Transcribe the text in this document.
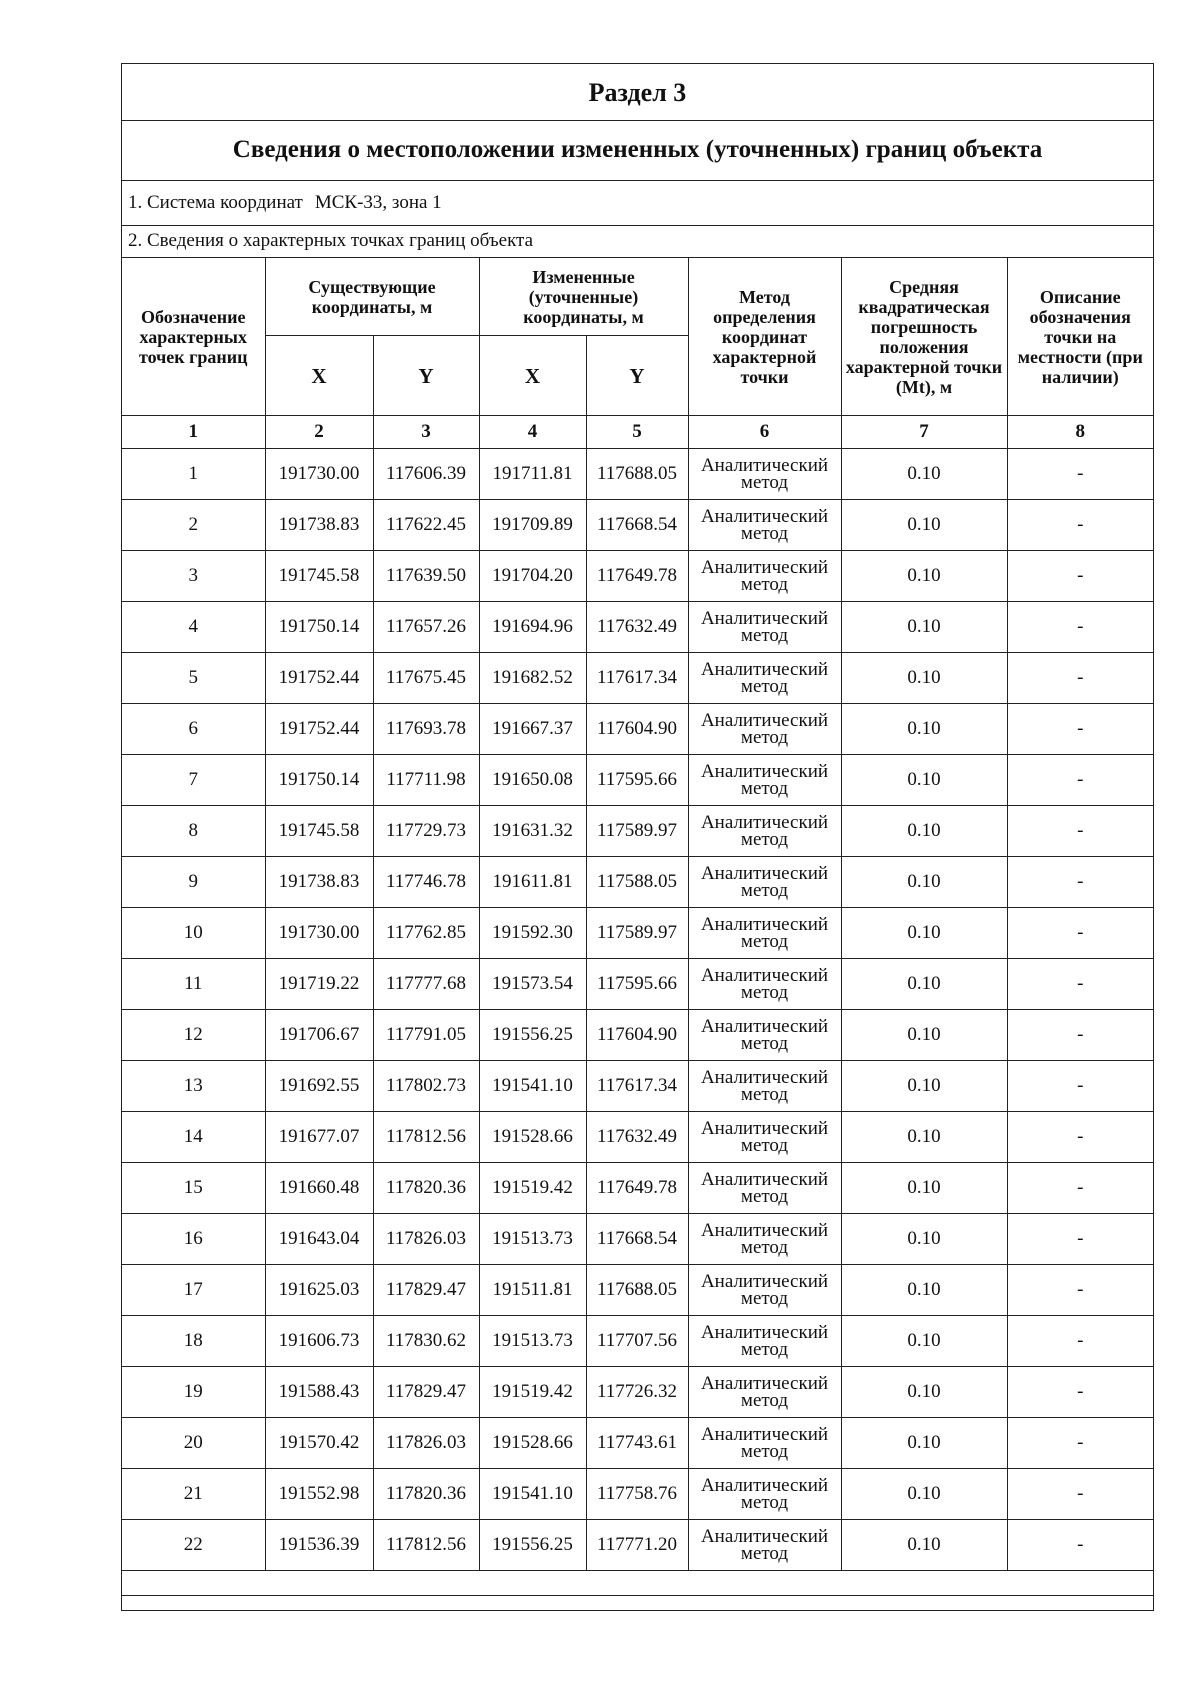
Раздел 3
Сведения о местоположении измененных (уточненных) границ объекта
1. Система координат МСК-33, зона 1
2. Сведения о характерных точках границ объекта
Обозначение характерных точек границ	Существующие координаты, м		Измененные (уточненные) координаты, м		Метод определения координат характерной точки	Средняя квадратическая погрешность положения характерной точки (Mt), м	Описание обозначения точки на местности (при наличии)
	X	Y	X	Y			
1	2	3	4	5	6	7	8
1	191730.00	117606.39	191711.81	117688.05	Аналитический метод	0.10	-
2	191738.83	117622.45	191709.89	117668.54	Аналитический метод	0.10	-
3	191745.58	117639.50	191704.20	117649.78	Аналитический метод	0.10	-
4	191750.14	117657.26	191694.96	117632.49	Аналитический метод	0.10	-
5	191752.44	117675.45	191682.52	117617.34	Аналитический метод	0.10	-
6	191752.44	117693.78	191667.37	117604.90	Аналитический метод	0.10	-
7	191750.14	117711.98	191650.08	117595.66	Аналитический метод	0.10	-
8	191745.58	117729.73	191631.32	117589.97	Аналитический метод	0.10	-
9	191738.83	117746.78	191611.81	117588.05	Аналитический метод	0.10	-
10	191730.00	117762.85	191592.30	117589.97	Аналитический метод	0.10	-
11	191719.22	117777.68	191573.54	117595.66	Аналитический метод	0.10	-
12	191706.67	117791.05	191556.25	117604.90	Аналитический метод	0.10	-
13	191692.55	117802.73	191541.10	117617.34	Аналитический метод	0.10	-
14	191677.07	117812.56	191528.66	117632.49	Аналитический метод	0.10	-
15	191660.48	117820.36	191519.42	117649.78	Аналитический метод	0.10	-
16	191643.04	117826.03	191513.73	117668.54	Аналитический метод	0.10	-
17	191625.03	117829.47	191511.81	117688.05	Аналитический метод	0.10	-
18	191606.73	117830.62	191513.73	117707.56	Аналитический метод	0.10	-
19	191588.43	117829.47	191519.42	117726.32	Аналитический метод	0.10	-
20	191570.42	117826.03	191528.66	117743.61	Аналитический метод	0.10	-
21	191552.98	117820.36	191541.10	117758.76	Аналитический метод	0.10	-
22	191536.39	117812.56	191556.25	117771.20	Аналитический метод	0.10	-
